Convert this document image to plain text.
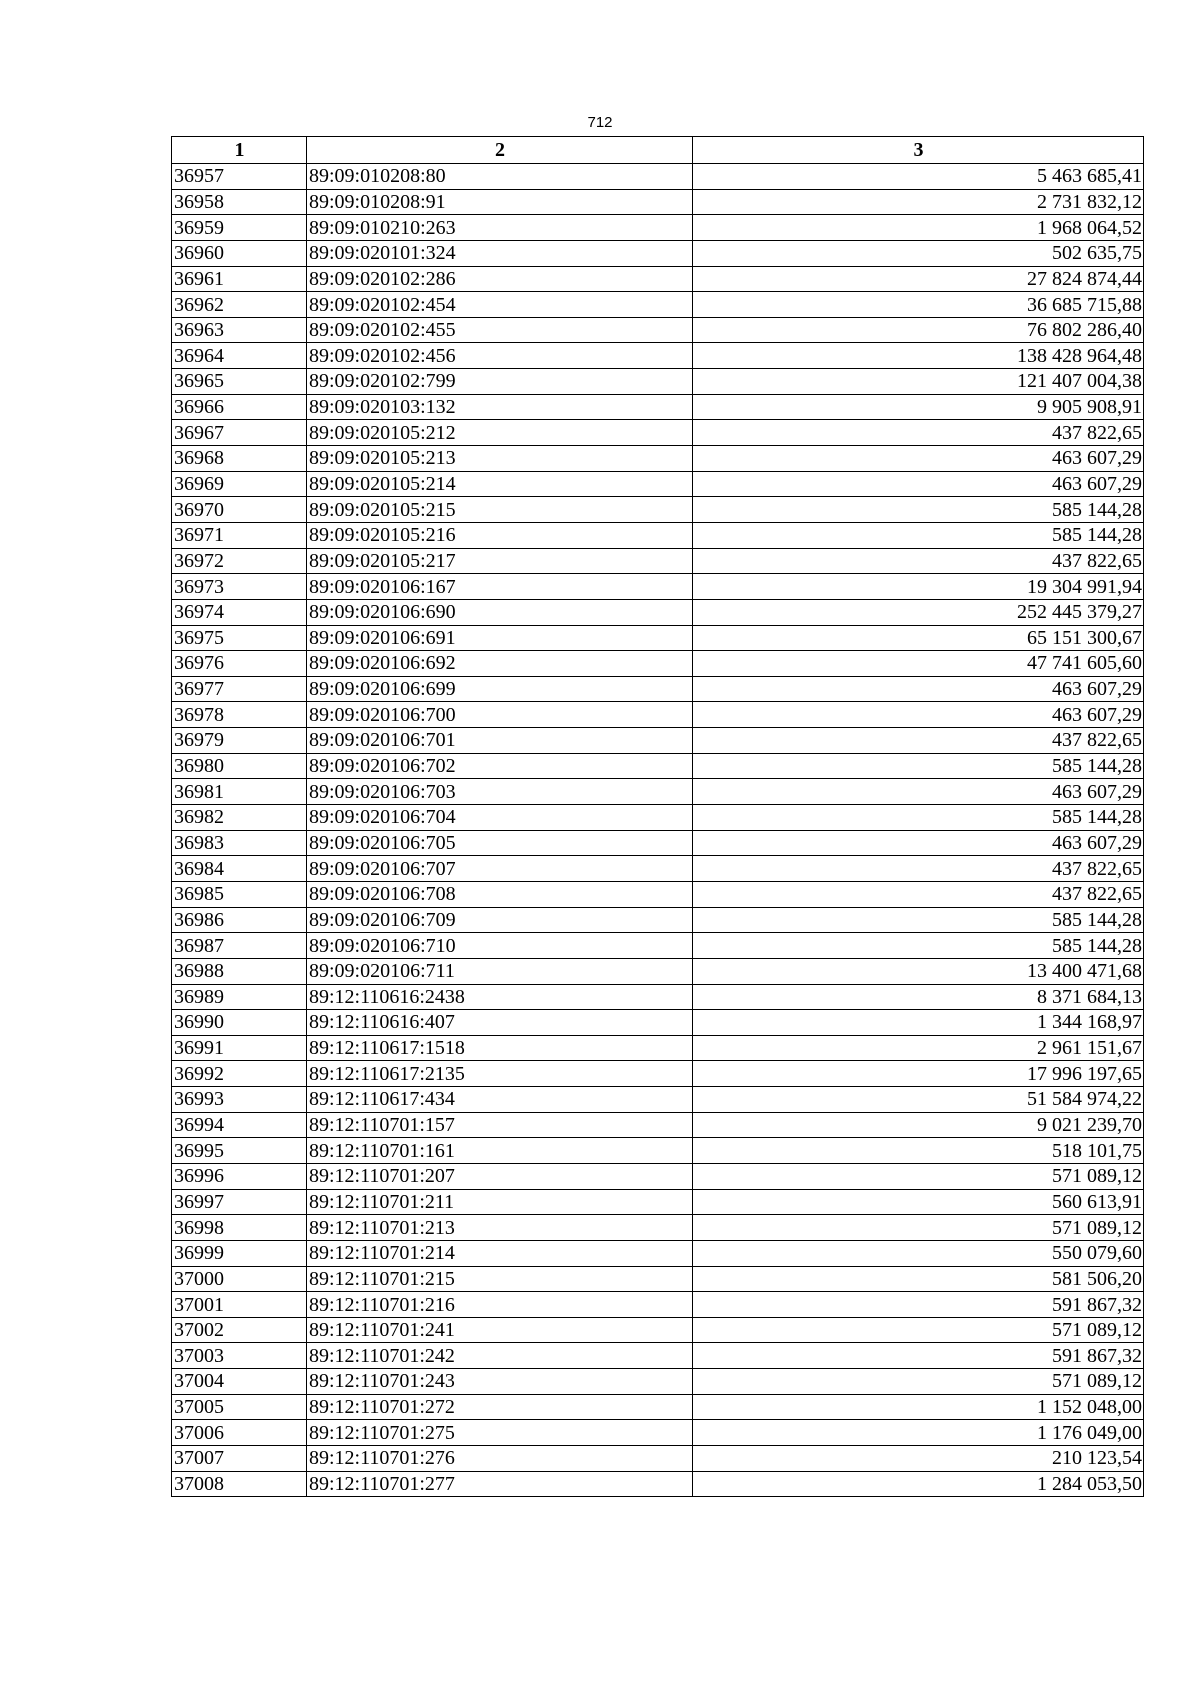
712
1	2	3
36957	89:09:010208:80	5 463 685,41
36958	89:09:010208:91	2 731 832,12
36959	89:09:010210:263	1 968 064,52
36960	89:09:020101:324	502 635,75
36961	89:09:020102:286	27 824 874,44
36962	89:09:020102:454	36 685 715,88
36963	89:09:020102:455	76 802 286,40
36964	89:09:020102:456	138 428 964,48
36965	89:09:020102:799	121 407 004,38
36966	89:09:020103:132	9 905 908,91
36967	89:09:020105:212	437 822,65
36968	89:09:020105:213	463 607,29
36969	89:09:020105:214	463 607,29
36970	89:09:020105:215	585 144,28
36971	89:09:020105:216	585 144,28
36972	89:09:020105:217	437 822,65
36973	89:09:020106:167	19 304 991,94
36974	89:09:020106:690	252 445 379,27
36975	89:09:020106:691	65 151 300,67
36976	89:09:020106:692	47 741 605,60
36977	89:09:020106:699	463 607,29
36978	89:09:020106:700	463 607,29
36979	89:09:020106:701	437 822,65
36980	89:09:020106:702	585 144,28
36981	89:09:020106:703	463 607,29
36982	89:09:020106:704	585 144,28
36983	89:09:020106:705	463 607,29
36984	89:09:020106:707	437 822,65
36985	89:09:020106:708	437 822,65
36986	89:09:020106:709	585 144,28
36987	89:09:020106:710	585 144,28
36988	89:09:020106:711	13 400 471,68
36989	89:12:110616:2438	8 371 684,13
36990	89:12:110616:407	1 344 168,97
36991	89:12:110617:1518	2 961 151,67
36992	89:12:110617:2135	17 996 197,65
36993	89:12:110617:434	51 584 974,22
36994	89:12:110701:157	9 021 239,70
36995	89:12:110701:161	518 101,75
36996	89:12:110701:207	571 089,12
36997	89:12:110701:211	560 613,91
36998	89:12:110701:213	571 089,12
36999	89:12:110701:214	550 079,60
37000	89:12:110701:215	581 506,20
37001	89:12:110701:216	591 867,32
37002	89:12:110701:241	571 089,12
37003	89:12:110701:242	591 867,32
37004	89:12:110701:243	571 089,12
37005	89:12:110701:272	1 152 048,00
37006	89:12:110701:275	1 176 049,00
37007	89:12:110701:276	210 123,54
37008	89:12:110701:277	1 284 053,50
